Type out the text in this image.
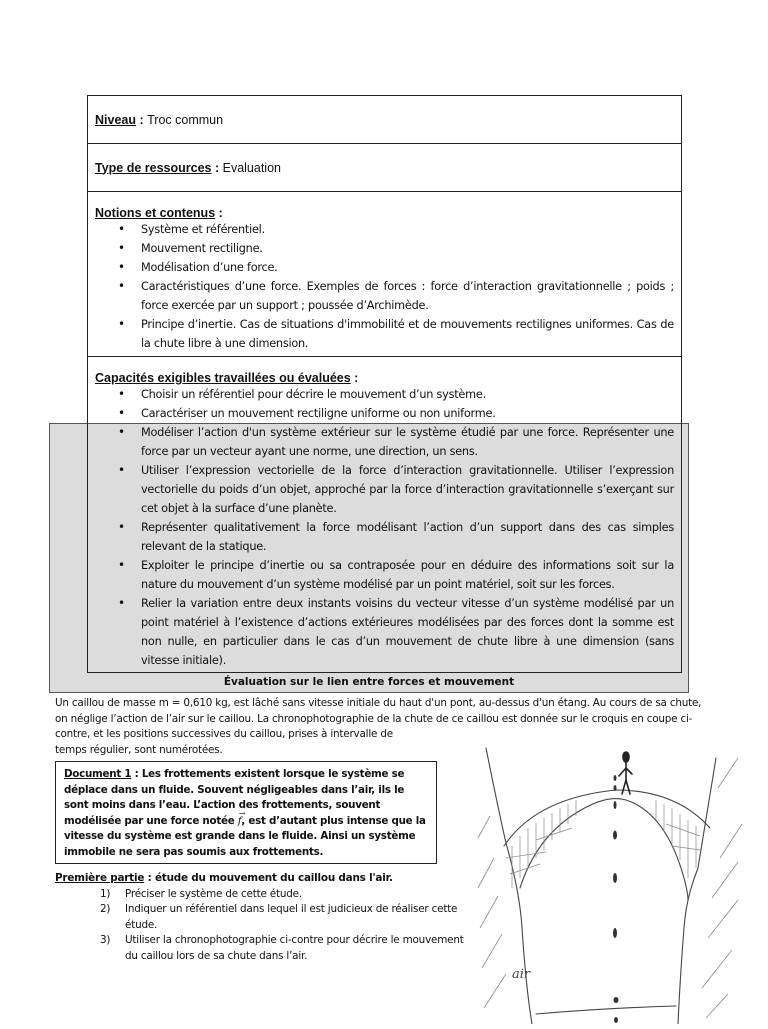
Niveau : Troc commun
Type de ressources : Evaluation
Notions et contenus :
• Système et référentiel.
• Mouvement rectiligne.
• Modélisation d’une force.
• Caractéristiques d’une force. Exemples de forces : force d’interaction gravitationnelle ; poids ; force exercée par un support ; poussée d’Archimède.
• Principe d’inertie. Cas de situations d'immobilité et de mouvements rectilignes uniformes. Cas de la chute libre à une dimension.
Capacités exigibles travaillées ou évaluées :
• Choisir un référentiel pour décrire le mouvement d’un système.
• Caractériser un mouvement rectiligne uniforme ou non uniforme.
• Modéliser l’action d'un système extérieur sur le système étudié par une force. Représenter une force par un vecteur ayant une norme, une direction, un sens.
• Utiliser l’expression vectorielle de la force d’interaction gravitationnelle. Utiliser l’expression vectorielle du poids d’un objet, approché par la force d’interaction gravitationnelle s’exerçant sur cet objet à la surface d’une planète.
• Représenter qualitativement la force modélisant l’action d’un support dans des cas simples relevant de la statique.
• Exploiter le principe d’inertie ou sa contraposée pour en déduire des informations soit sur la nature du mouvement d’un système modélisé par un point matériel, soit sur les forces.
• Relier la variation entre deux instants voisins du vecteur vitesse d’un système modélisé par un point matériel à l’existence d’actions extérieures modélisées par des forces dont la somme est non nulle, en particulier dans le cas d’un mouvement de chute libre à une dimension (sans vitesse initiale).
Évaluation sur le lien entre forces et mouvement
Un caillou de masse m = 0,610 kg, est lâché sans vitesse initiale du haut d'un pont, au-dessus d'un étang. Au cours de sa chute, on néglige l’action de l’air sur le caillou. La chronophotographie de la chute de ce caillou est donnée sur le croquis en coupe ci-contre, et les positions successives du caillou, prises à intervalle de
temps régulier, sont numérotées.
Document 1 : Les frottements existent lorsque le système se déplace dans un fluide. Souvent négligeables dans l’air, ils le sont moins dans l’eau. L’action des frottements, souvent modélisée par une force notée
→
f, est d’autant plus intense que la vitesse du système est grande dans le fluide. Ainsi un système immobile ne sera pas soumis aux frottements.
Première partie : étude du mouvement du caillou dans l'air.
1) Préciser le système de cette étude.
2) Indiquer un référentiel dans lequel il est judicieux de réaliser cette étude.
3) Utiliser la chronophotographie ci-contre pour décrire le mouvement du caillou lors de sa chute dans l’air.
air
